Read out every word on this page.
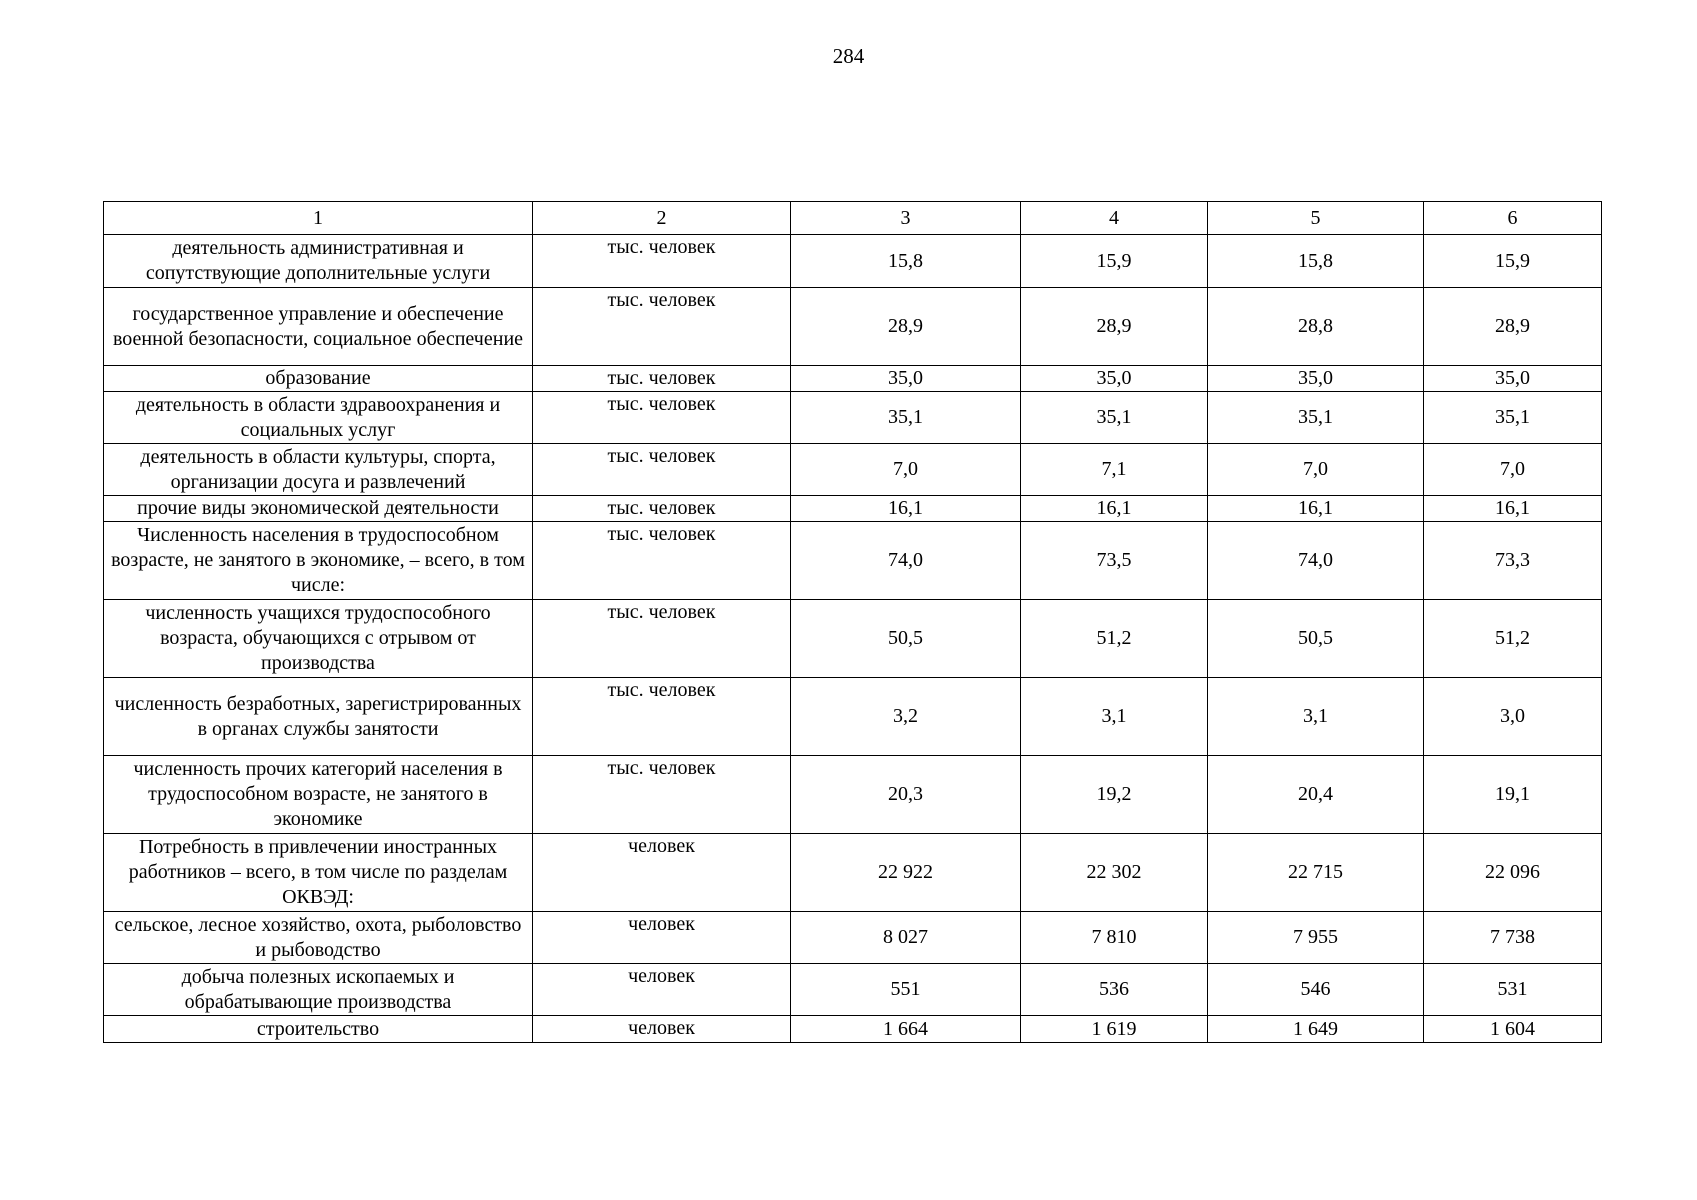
284
1	2	3	4	5	6
деятельность административная и сопутствующие дополнительные услуги	тыс. человек	15,8	15,9	15,8	15,9
государственное управление и обеспечение военной безопасности, социальное обеспечение	тыс. человек	28,9	28,9	28,8	28,9
образование	тыс. человек	35,0	35,0	35,0	35,0
деятельность в области здравоохранения и социальных услуг	тыс. человек	35,1	35,1	35,1	35,1
деятельность в области культуры, спорта, организации досуга и развлечений	тыс. человек	7,0	7,1	7,0	7,0
прочие виды экономической деятельности	тыс. человек	16,1	16,1	16,1	16,1
Численность населения в трудоспособном возрасте, не занятого в экономике, – всего, в том числе:	тыс. человек	74,0	73,5	74,0	73,3
численность учащихся трудоспособного возраста, обучающихся с отрывом от производства	тыс. человек	50,5	51,2	50,5	51,2
численность безработных, зарегистрированных в органах службы занятости	тыс. человек	3,2	3,1	3,1	3,0
численность прочих категорий населения в трудоспособном возрасте, не занятого в экономике	тыс. человек	20,3	19,2	20,4	19,1
Потребность в привлечении иностранных работников – всего, в том числе по разделам ОКВЭД:	человек	22 922	22 302	22 715	22 096
сельское, лесное хозяйство, охота, рыболовство и рыбоводство	человек	8 027	7 810	7 955	7 738
добыча полезных ископаемых и обрабатывающие производства	человек	551	536	546	531
строительство	человек	1 664	1 619	1 649	1 604
